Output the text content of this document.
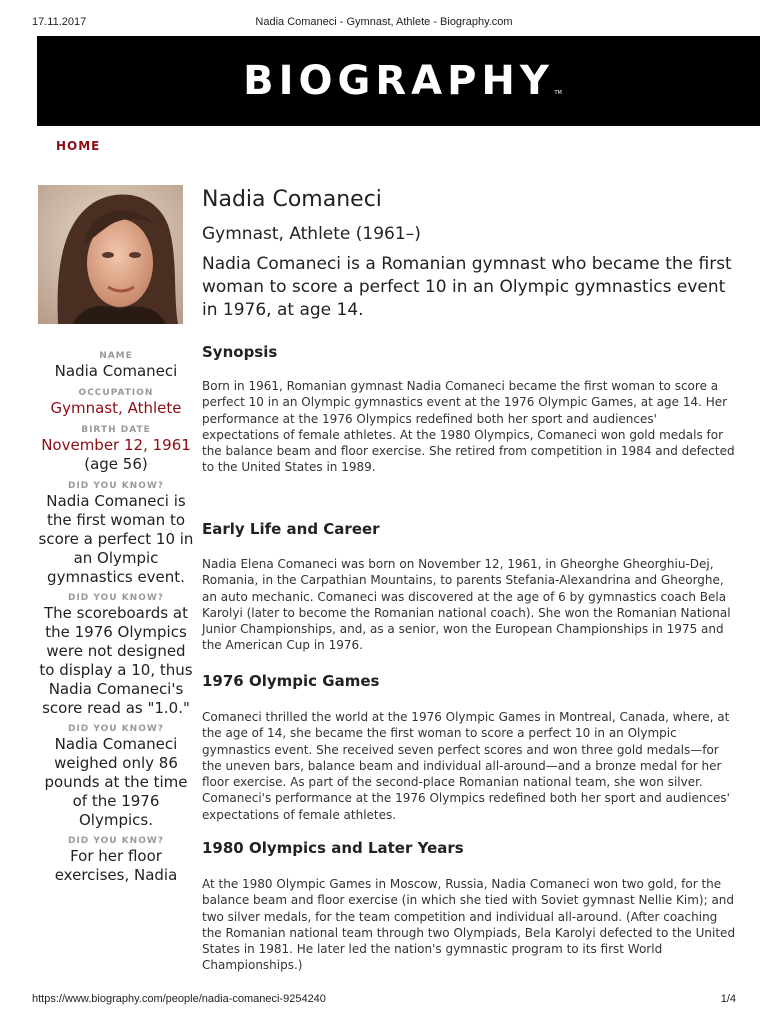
17.11.2017	Nadia Comaneci - Gymnast, Athlete - Biography.com
BIOGRAPHY TM
HOME
NAME
Nadia Comaneci
OCCUPATION
Gymnast, Athlete
BIRTH DATE
November 12, 1961 (age 56)
DID YOU KNOW?
Nadia Comaneci is the first woman to score a perfect 10 in an Olympic gymnastics event.
DID YOU KNOW?
The scoreboards at the 1976 Olympics were not designed to display a 10, thus Nadia Comaneci's score read as "1.0."
DID YOU KNOW?
Nadia Comaneci weighed only 86 pounds at the time of the 1976 Olympics.
DID YOU KNOW?
For her floor exercises, Nadia
Nadia Comaneci
Gymnast, Athlete (1961–)
Nadia Comaneci is a Romanian gymnast who became the first woman to score a perfect 10 in an Olympic gymnastics event in 1976, at age 14.
Synopsis

Born in 1961, Romanian gymnast Nadia Comaneci became the first woman to score a perfect 10 in an Olympic gymnastics event at the 1976 Olympic Games, at age 14. Her performance at the 1976 Olympics redefined both her sport and audiences' expectations of female athletes. At the 1980 Olympics, Comaneci won gold medals for the balance beam and floor exercise. She retired from competition in 1984 and defected to the United States in 1989.

Early Life and Career

Nadia Elena Comaneci was born on November 12, 1961, in Gheorghe Gheorghiu-Dej, Romania, in the Carpathian Mountains, to parents Stefania-Alexandrina and Gheorghe, an auto mechanic. Comaneci was discovered at the age of 6 by gymnastics coach Bela Karolyi (later to become the Romanian national coach). She won the Romanian National Junior Championships, and, as a senior, won the European Championships in 1975 and the American Cup in 1976.

1976 Olympic Games

Comaneci thrilled the world at the 1976 Olympic Games in Montreal, Canada, where, at the age of 14, she became the first woman to score a perfect 10 in an Olympic gymnastics event. She received seven perfect scores and won three gold medals—for the uneven bars, balance beam and individual all-around—and a bronze medal for her floor exercise. As part of the second-place Romanian national team, she won silver. Comaneci's performance at the 1976 Olympics redefined both her sport and audiences' expectations of female athletes.

1980 Olympics and Later Years

At the 1980 Olympic Games in Moscow, Russia, Nadia Comaneci won two gold, for the balance beam and floor exercise (in which she tied with Soviet gymnast Nellie Kim); and two silver medals, for the team competition and individual all-around. (After coaching the Romanian national team through two Olympiads, Bela Karolyi defected to the United States in 1981. He later led the nation's gymnastic program to its first World Championships.)

https://www.biography.com/people/nadia-comaneci-9254240	1/4
